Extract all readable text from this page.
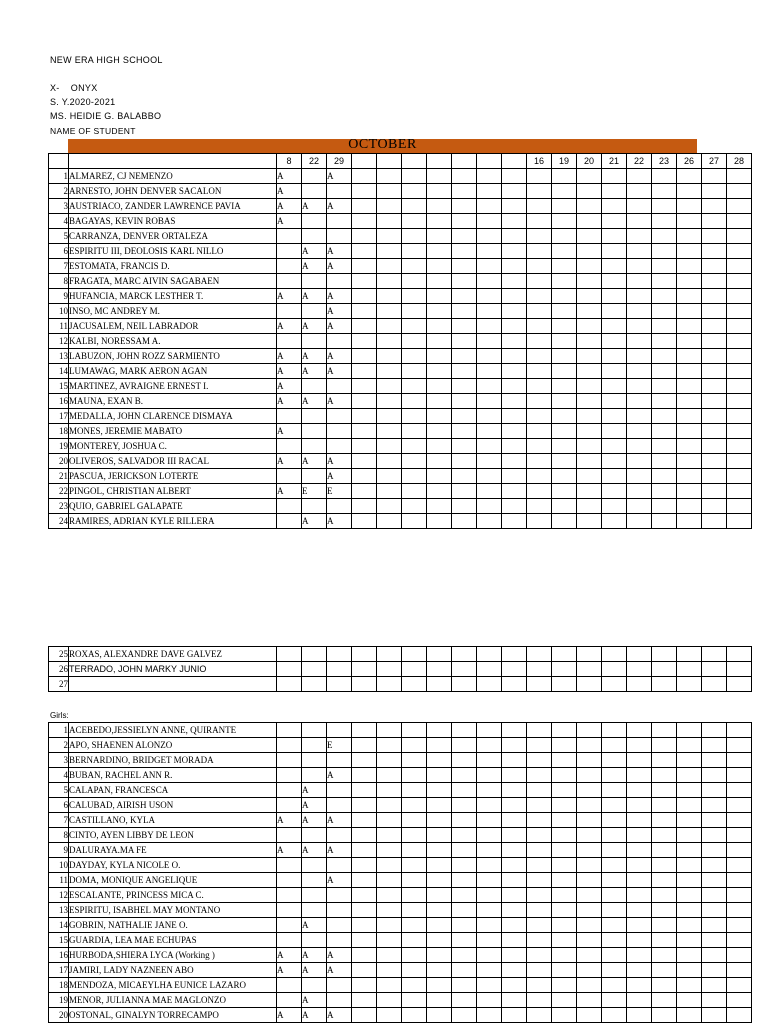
NEW ERA HIGH SCHOOL
X-    ONYX
S. Y.2020-2021
MS. HEIDIE G. BALABBO
NAME OF STUDENT
OCTOBER
		8	22	29								16	19	20	21	22	23	26	27	28
1	ALMAREZ, CJ NEMENZO	A		A																
2	ARNESTO, JOHN DENVER SACALON	A																		
3	AUSTRIACO, ZANDER LAWRENCE PAVIA	A	A	A																
4	BAGAYAS, KEVIN ROBAS	A																		
5	CARRANZA, DENVER ORTALEZA																			
6	ESPIRITU III, DEOLOSIS KARL NILLO		A	A																
7	ESTOMATA, FRANCIS D.		A	A																
8	FRAGATA, MARC AIVIN SAGABAEN																			
9	HUFANCIA, MARCK LESTHER T.	A	A	A																
10	INSO, MC ANDREY M.			A																
11	JACUSALEM, NEIL LABRADOR	A	A	A																
12	KALBI, NORESSAM A.																			
13	LABUZON, JOHN ROZZ SARMIENTO	A	A	A																
14	LUMAWAG, MARK AERON AGAN	A	A	A																
15	MARTINEZ, AVRAIGNE ERNEST I.	A																		
16	MAUNA, EXAN B.	A	A	A																
17	MEDALLA, JOHN CLARENCE DISMAYA																			
18	MONES, JEREMIE MABATO	A																		
19	MONTEREY, JOSHUA C.																			
20	OLIVEROS, SALVADOR III RACAL	A	A	A																
21	PASCUA, JERICKSON LOTERTE			A																
22	PINGOL, CHRISTIAN ALBERT	A	E	E																
23	QUIO, GABRIEL GALAPATE																			
24	RAMIRES, ADRIAN KYLE RILLERA		A	A																
25	ROXAS, ALEXANDRE DAVE GALVEZ																			
26	TERRADO, JOHN MARKY JUNIO																			
27																				
Girls:
1	ACEBEDO,JESSIELYN ANNE, QUIRANTE																			
2	APO, SHAENEN ALONZO			E																
3	BERNARDINO, BRIDGET MORADA																			
4	BUBAN, RACHEL ANN R.			A																
5	CALAPAN, FRANCESCA		A																	
6	CALUBAD, AIRISH USON		A																	
7	CASTILLANO, KYLA	A	A	A																
8	CINTO, AYEN LIBBY DE LEON																			
9	DALURAYA.MA FE	A	A	A																
10	DAYDAY, KYLA NICOLE O.																			
11	DOMA, MONIQUE ANGELIQUE			A																
12	ESCALANTE, PRINCESS MICA C.																			
13	ESPIRITU, ISABHEL MAY MONTANO																			
14	GOBRIN, NATHALIE JANE O.		A																	
15	GUARDIA, LEA MAE ECHUPAS																			
16	HURBODA,SHIERA LYCA (Working )	A	A	A																
17	JAMIRI, LADY NAZNEEN ABO	A	A	A																
18	MENDOZA, MICAEYLHA EUNICE LAZARO																			
19	MENOR, JULIANNA MAE MAGLONZO		A																	
20	OSTONAL, GINALYN TORRECAMPO	A	A	A																
